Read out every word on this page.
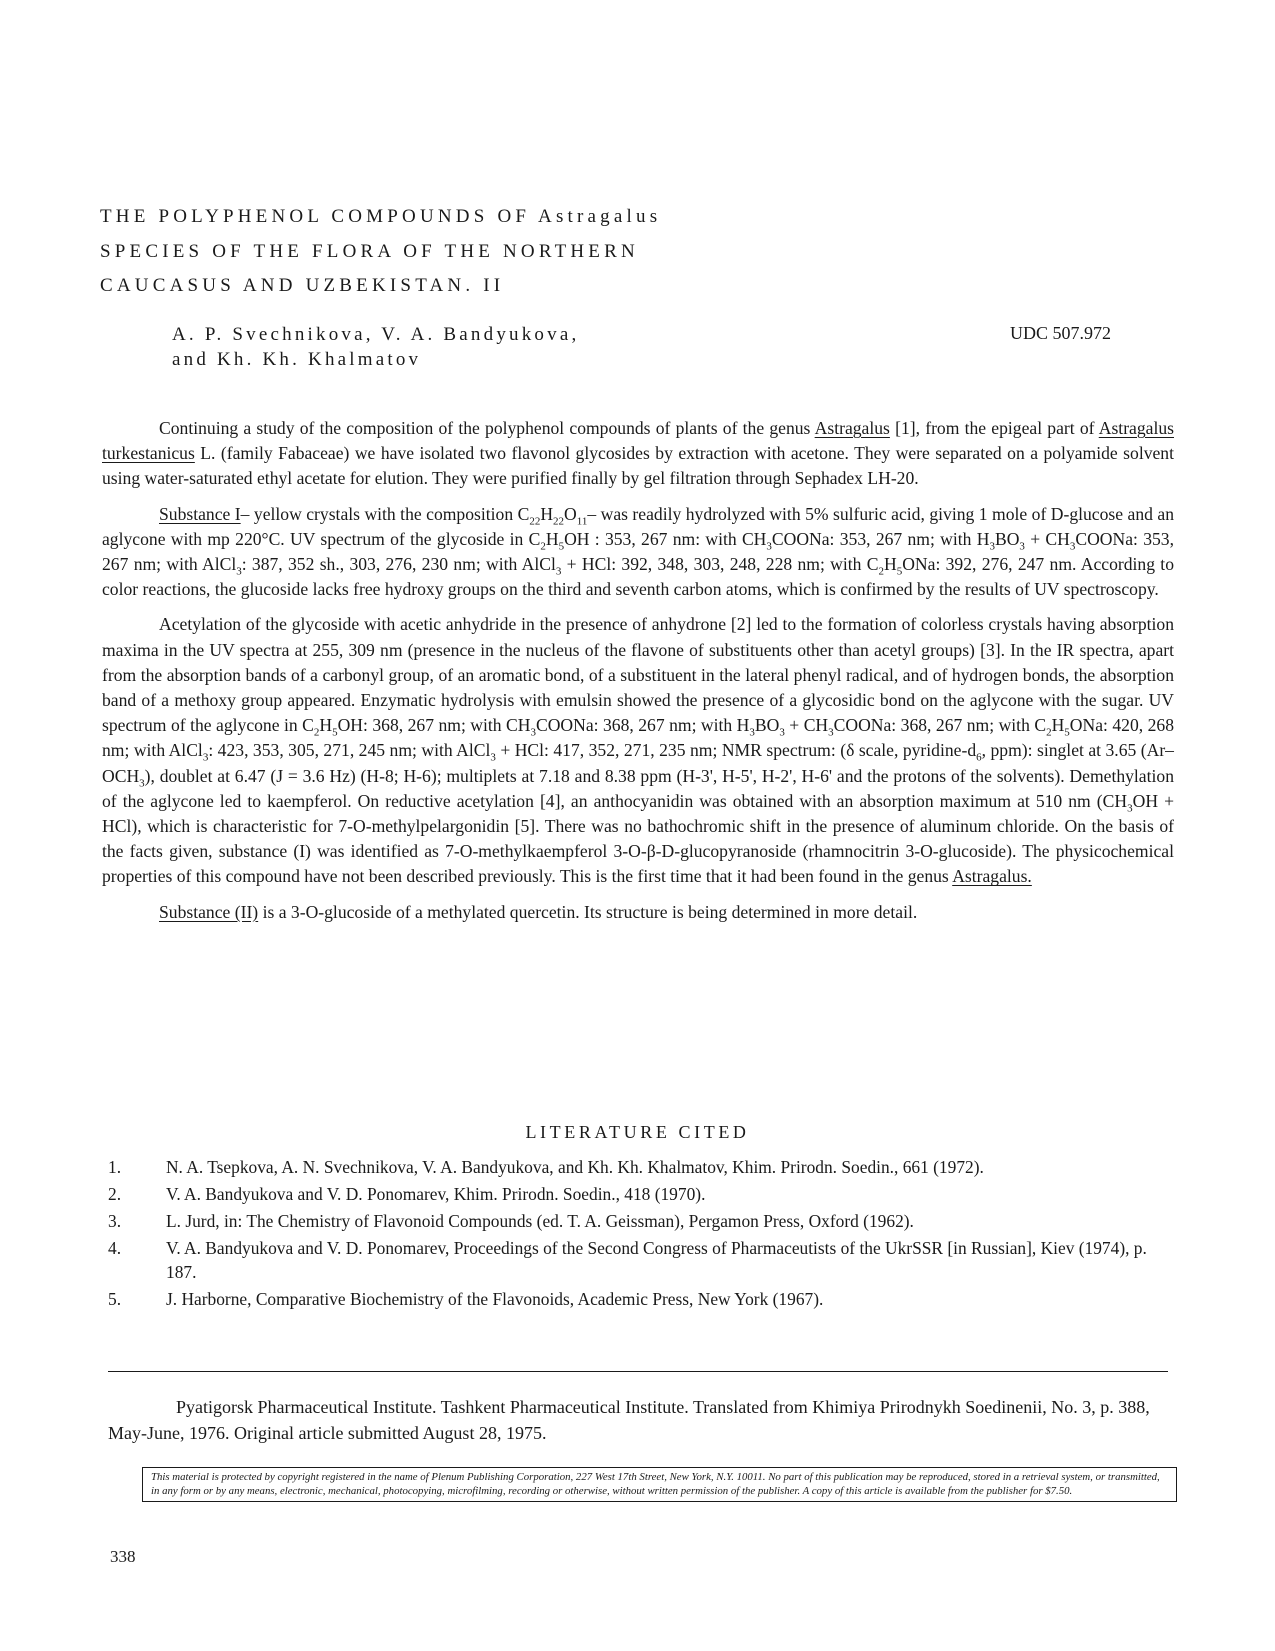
THE POLYPHENOL COMPOUNDS OF Astragalus
SPECIES OF THE FLORA OF THE NORTHERN
CAUCASUS AND UZBEKISTAN. II
A. P. Svechnikova, V. A. Bandyukova,
and Kh. Kh. Khalmatov
UDC 507.972

Continuing a study of the composition of the polyphenol compounds of plants of the genus Astragalus [1], from the epigeal part of Astragalus turkestanicus L. (family Fabaceae) we have isolated two flavonol glycosides by extraction with acetone. They were separated on a polyamide solvent using water-saturated ethyl acetate for elution. They were purified finally by gel filtration through Sephadex LH-20.

Substance I– yellow crystals with the composition $C_{22}H_{22}O_{11}-$ was readily hydrolyzed with 5% sulfuric acid, giving 1 mole of D-glucose and an aglycone with mp 220°C. UV spectrum of the glycoside in $C_2H_5OH$ : 353, 267 nm: with $CH_3COONa$: 353, 267 nm; with $H_3BO_3$ + $CH_3COONa$: 353, 267 nm; with AlCl$_3$: 387, 352 sh., 303, 276, 230 nm; with AlCl$_3$ + HCl: 392, 348, 303, 248, 228 nm; with $C_2H_5ONa$: 392, 276, 247 nm. According to color reactions, the glucoside lacks free hydroxy groups on the third and seventh carbon atoms, which is confirmed by the results of UV spectroscopy.

Acetylation of the glycoside with acetic anhydride in the presence of anhydrone [2] led to the formation of colorless crystals having absorption maxima in the UV spectra at 255, 309 nm (presence in the nucleus of the flavone of substituents other than acetyl groups) [3]. In the IR spectra, apart from the absorption bands of a carbonyl group, of an aromatic bond, of a substituent in the lateral phenyl radical, and of hydrogen bonds, the absorption band of a methoxy group appeared. Enzymatic hydrolysis with emulsin showed the presence of a glycosidic bond on the aglycone with the sugar. UV spectrum of the aglycone in $C_2H_5OH$: 368, 267 nm; with $CH_3COONa$: 368, 267 nm; with $H_3BO_3$ + $CH_3COONa$: 368, 267 nm; with $C_2H_5ONa$: 420, 268 nm; with AlCl$_3$: 423, 353, 305, 271, 245 nm; with AlCl$_3$ + HCl: 417, 352, 271, 235 nm; NMR spectrum: (δ scale, pyridine-$d_6$, ppm): singlet at 3.65 $(Ar-OCH_3)$, doublet at 6.47 (J = 3.6 Hz) (H-8; H-6); multiplets at 7.18 and 8.38 ppm (H-3', H-5', H-2', H-6' and the protons of the solvents). Demethylation of the aglycone led to kaempferol. On reductive acetylation [4], an anthocyanidin was obtained with an absorption maximum at 510 nm $(CH_3OH + HCl)$, which is characteristic for 7-O-methylpelargonidin [5]. There was no bathochromic shift in the presence of aluminum chloride. On the basis of the facts given, substance (I) was identified as 7-O-methylkaempferol 3-O-β-D-glucopyranoside (rhamnocitrin 3-O-glucoside). The physicochemical properties of this compound have not been described previously. This is the first time that it had been found in the genus Astragalus.

Substance (II) is a 3-O-glucoside of a methylated quercetin. Its structure is being determined in more detail.

LITERATURE CITED
1.	N. A. Tsepkova, A. N. Svechnikova, V. A. Bandyukova, and Kh. Kh. Khalmatov, Khim. Prirodn. Soedin., 661 (1972).
2.	V. A. Bandyukova and V. D. Ponomarev, Khim. Prirodn. Soedin., 418 (1970).
3.	L. Jurd, in: The Chemistry of Flavonoid Compounds (ed. T. A. Geissman), Pergamon Press, Oxford (1962).
4.	V. A. Bandyukova and V. D. Ponomarev, Proceedings of the Second Congress of Pharmaceutists of the UkrSSR [in Russian], Kiev (1974), p. 187.
5.	J. Harborne, Comparative Biochemistry of the Flavonoids, Academic Press, New York (1967).

Pyatigorsk Pharmaceutical Institute. Tashkent Pharmaceutical Institute. Translated from Khimiya Prirodnykh Soedinenii, No. 3, p. 388, May-June, 1976. Original article submitted August 28, 1975.

This material is protected by copyright registered in the name of Plenum Publishing Corporation, 227 West 17th Street, New York, N.Y. 10011. No part of this publication may be reproduced, stored in a retrieval system, or transmitted, in any form or by any means, electronic, mechanical, photocopying, microfilming, recording or otherwise, without written permission of the publisher. A copy of this article is available from the publisher for $7.50.
338
